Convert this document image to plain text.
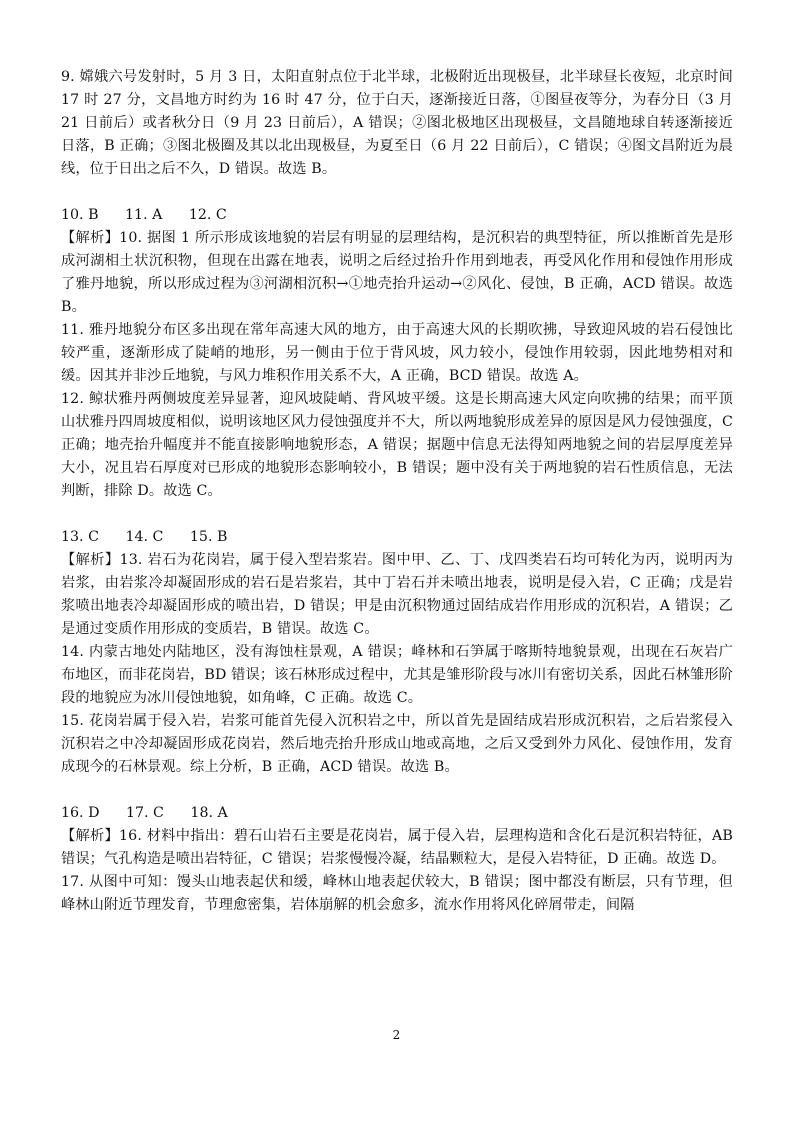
9. 嫦娥六号发射时，5 月 3 日，太阳直射点位于北半球，北极附近出现极昼，北半球昼长夜短，北京时间 17 时 27 分，文昌地方时约为 16 时 47 分，位于白天，逐渐接近日落，①图昼夜等分，为春分日（3 月 21 日前后）或者秋分日（9 月 23 日前后），A 错误；②图北极地区出现极昼，文昌随地球自转逐渐接近日落，B 正确；③图北极圈及其以北出现极昼，为夏至日（6 月 22 日前后），C 错误；④图文昌附近为晨线，位于日出之后不久，D 错误。故选 B。

10. B 11. A 12. C

【解析】10. 据图 1 所示形成该地貌的岩层有明显的层理结构，是沉积岩的典型特征，所以推断首先是形成河湖相土状沉积物，但现在出露在地表，说明之后经过抬升作用到地表，再受风化作用和侵蚀作用形成了雅丹地貌，所以形成过程为③河湖相沉积→①地壳抬升运动→②风化、侵蚀，B 正确，ACD 错误。故选 B。

11. 雅丹地貌分布区多出现在常年高速大风的地方，由于高速大风的长期吹拂，导致迎风坡的岩石侵蚀比较严重，逐渐形成了陡峭的地形，另一侧由于位于背风坡，风力较小，侵蚀作用较弱，因此地势相对和缓。因其并非沙丘地貌，与风力堆积作用关系不大，A 正确，BCD 错误。故选 A。

12. 鲸状雅丹两侧坡度差异显著，迎风坡陡峭、背风坡平缓。这是长期高速大风定向吹拂的结果；而平顶山状雅丹四周坡度相似，说明该地区风力侵蚀强度并不大，所以两地貌形成差异的原因是风力侵蚀强度，C 正确；地壳抬升幅度并不能直接影响地貌形态，A 错误；据题中信息无法得知两地貌之间的岩层厚度差异大小，况且岩石厚度对已形成的地貌形态影响较小，B 错误；题中没有关于两地貌的岩石性质信息，无法判断，排除 D。故选 C。

13. C 14. C 15. B

【解析】13. 岩石为花岗岩，属于侵入型岩浆岩。图中甲、乙、丁、戊四类岩石均可转化为丙，说明丙为岩浆，由岩浆冷却凝固形成的岩石是岩浆岩，其中丁岩石并未喷出地表，说明是侵入岩，C 正确；戊是岩浆喷出地表冷却凝固形成的喷出岩，D 错误；甲是由沉积物通过固结成岩作用形成的沉积岩，A 错误；乙是通过变质作用形成的变质岩，B 错误。故选 C。

14. 内蒙古地处内陆地区，没有海蚀柱景观，A 错误；峰林和石笋属于喀斯特地貌景观，出现在石灰岩广布地区，而非花岗岩，BD 错误；该石林形成过程中，尤其是雏形阶段与冰川有密切关系，因此石林雏形阶段的地貌应为冰川侵蚀地貌，如角峰，C 正确。故选 C。

15. 花岗岩属于侵入岩，岩浆可能首先侵入沉积岩之中，所以首先是固结成岩形成沉积岩，之后岩浆侵入沉积岩之中冷却凝固形成花岗岩，然后地壳抬升形成山地或高地，之后又受到外力风化、侵蚀作用，发育成现今的石林景观。综上分析，B 正确，ACD 错误。故选 B。

16. D 17. C 18. A

【解析】16. 材料中指出：碧石山岩石主要是花岗岩，属于侵入岩，层理构造和含化石是沉积岩特征，AB 错误；气孔构造是喷出岩特征，C 错误；岩浆慢慢冷凝，结晶颗粒大，是侵入岩特征，D 正确。故选 D。

17. 从图中可知：馒头山地表起伏和缓，峰林山地表起伏较大，B 错误；图中都没有断层，只有节理，但峰林山附近节理发育，节理愈密集，岩体崩解的机会愈多，流水作用将风化碎屑带走，间隔

2
